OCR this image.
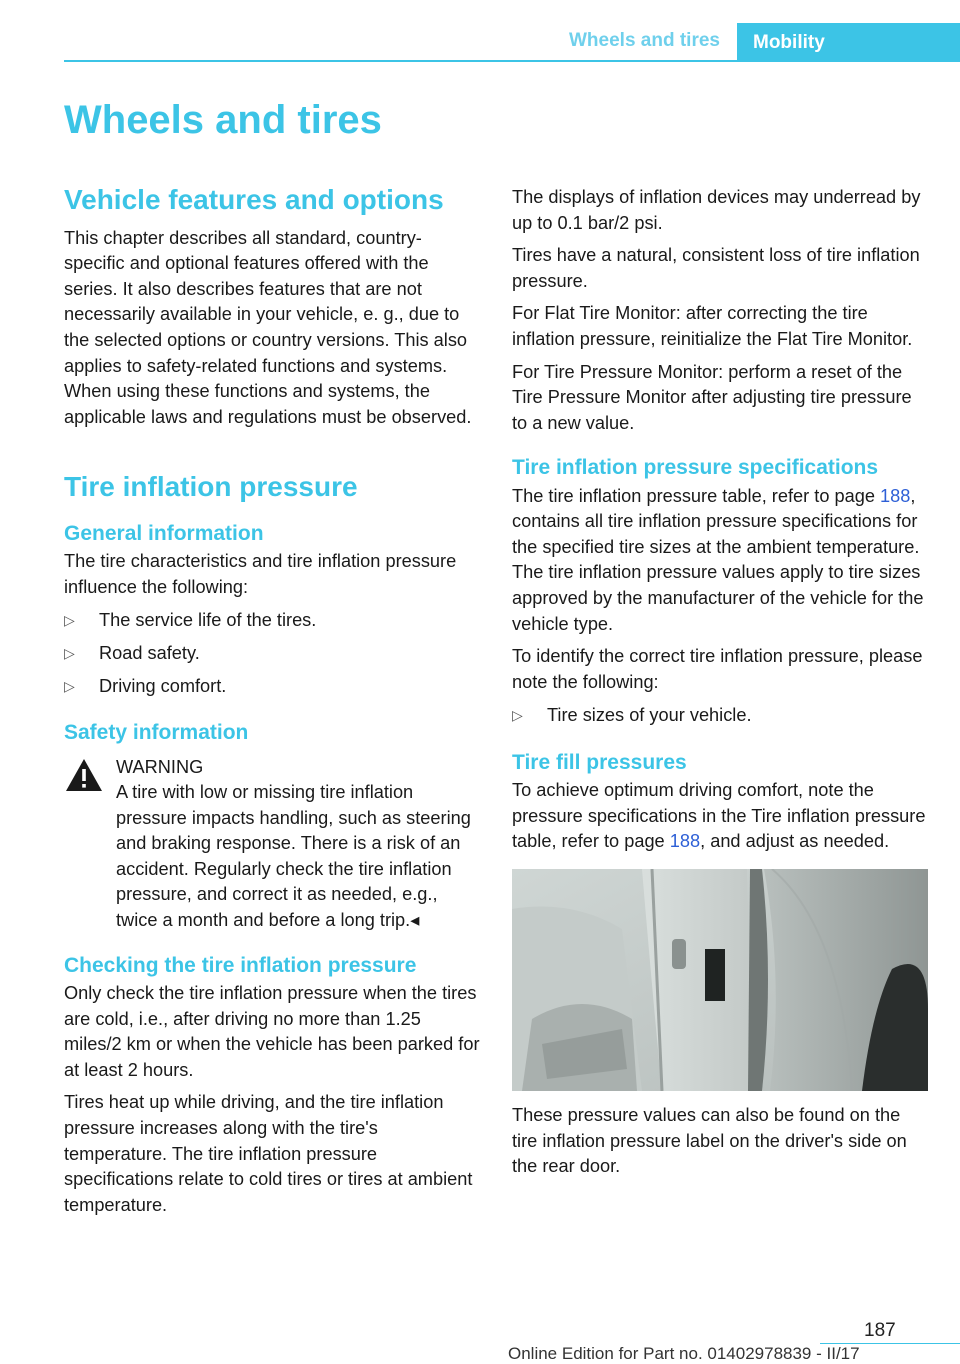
Wheels and tires	Mobility
Wheels and tires
Vehicle features and options

This chapter describes all standard, country-specific and optional features offered with the series. It also describes features that are not necessarily available in your vehicle, e. g., due to the selected options or country versions. This also applies to safety-related functions and systems. When using these functions and systems, the applicable laws and regulations must be observed.

Tire inflation pressure
General information

The tire characteristics and tire inflation pressure influence the following:

▷ The service life of the tires.
▷ Road safety.
▷ Driving comfort.
Safety information
WARNING
A tire with low or missing tire inflation pressure impacts handling, such as steering and braking response. There is a risk of an accident. Regularly check the tire inflation pressure, and correct it as needed, e.g., twice a month and before a long trip.◂
Checking the tire inflation pressure

Only check the tire inflation pressure when the tires are cold, i.e., after driving no more than 1.25 miles/2 km or when the vehicle has been parked for at least 2 hours.

Tires heat up while driving, and the tire inflation pressure increases along with the tire's temperature. The tire inflation pressure specifications relate to cold tires or tires at ambient temperature.

The displays of inflation devices may underread by up to 0.1 bar/2 psi.

Tires have a natural, consistent loss of tire inflation pressure.

For Flat Tire Monitor: after correcting the tire inflation pressure, reinitialize the Flat Tire Monitor.

For Tire Pressure Monitor: perform a reset of the Tire Pressure Monitor after adjusting tire pressure to a new value.

Tire inflation pressure specifications

The tire inflation pressure table, refer to page 188, contains all tire inflation pressure specifications for the specified tire sizes at the ambient temperature. The tire inflation pressure values apply to tire sizes approved by the manufacturer of the vehicle for the vehicle type.

To identify the correct tire inflation pressure, please note the following:

▷ Tire sizes of your vehicle.
Tire fill pressures

To achieve optimum driving comfort, note the pressure specifications in the Tire inflation pressure table, refer to page 188, and adjust as needed.

These pressure values can also be found on the tire inflation pressure label on the driver's side on the rear door.

187
Online Edition for Part no. 01402978839 - II/17
